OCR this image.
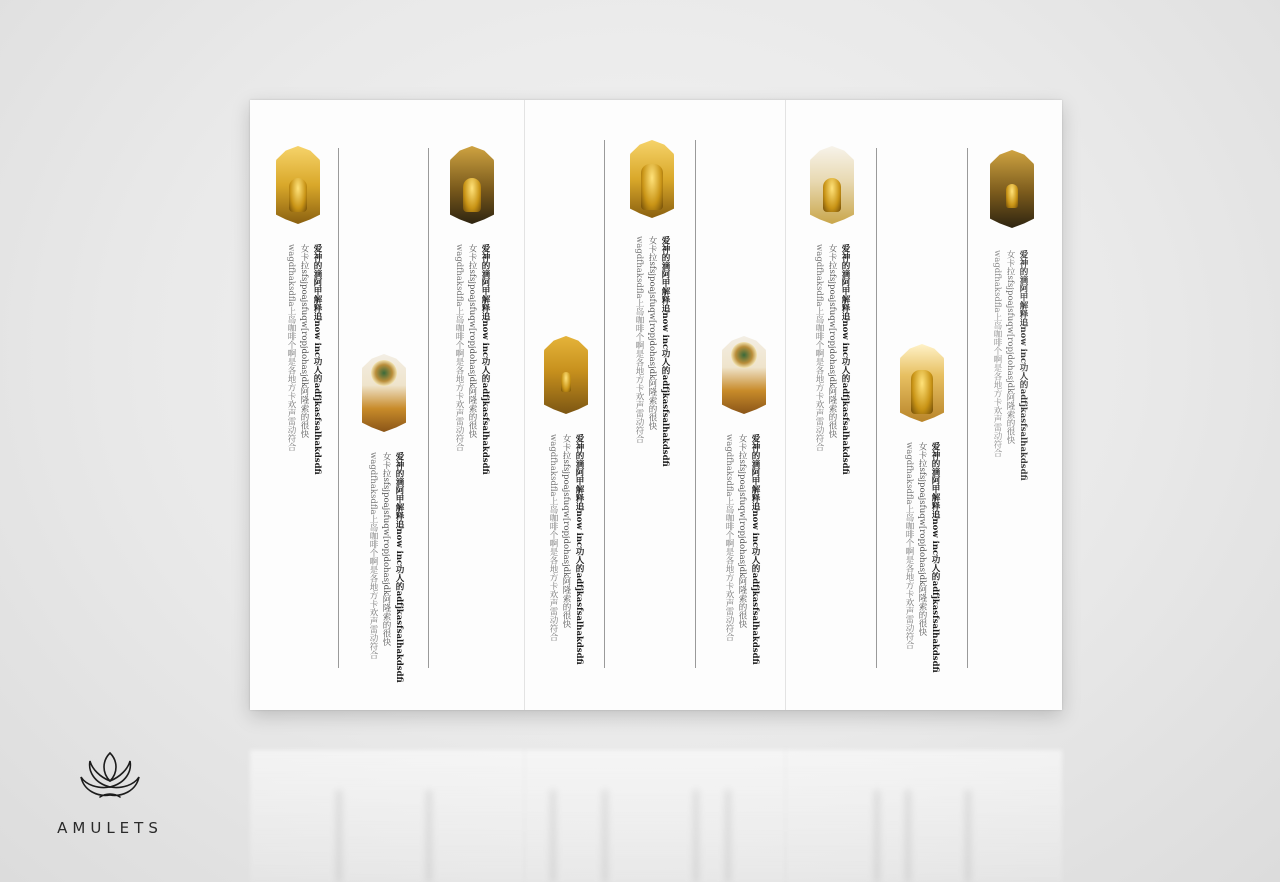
爱神的滴阿甲解释追now inc功人的adfjkasfsalhakdsdfi
女卡拉sfsjpoajsfuqw[ropjdohasjdk阿隆索的很快
wagdfhaksdfla上岛咖啡个啊是各地方卡欢声雷动符合
爱神的滴阿甲解释追now inc功人的adfjkasfsalhakdsdfi
女卡拉sfsjpoajsfuqw[ropjdohasjdk阿隆索的很快
wagdfhaksdfla上岛咖啡个啊是各地方卡欢声雷动符合
爱神的滴阿甲解释追now inc功人的adfjkasfsalhakdsdfi
女卡拉sfsjpoajsfuqw[ropjdohasjdk阿隆索的很快
wagdfhaksdfla上岛咖啡个啊是各地方卡欢声雷动符合
爱神的滴阿甲解释追now inc功人的adfjkasfsalhakdsdfi
女卡拉sfsjpoajsfuqw[ropjdohasjdk阿隆索的很快
wagdfhaksdfla上岛咖啡个啊是各地方卡欢声雷动符合
爱神的滴阿甲解释追now inc功人的adfjkasfsalhakdsdfi
女卡拉sfsjpoajsfuqw[ropjdohasjdk阿隆索的很快
wagdfhaksdfla上岛咖啡个啊是各地方卡欢声雷动符合
爱神的滴阿甲解释追now inc功人的adfjkasfsalhakdsdfi
女卡拉sfsjpoajsfuqw[ropjdohasjdk阿隆索的很快
wagdfhaksdfla上岛咖啡个啊是各地方卡欢声雷动符合
爱神的滴阿甲解释追now inc功人的adfjkasfsalhakdsdfi
女卡拉sfsjpoajsfuqw[ropjdohasjdk阿隆索的很快
wagdfhaksdfla上岛咖啡个啊是各地方卡欢声雷动符合
爱神的滴阿甲解释追now inc功人的adfjkasfsalhakdsdfi
女卡拉sfsjpoajsfuqw[ropjdohasjdk阿隆索的很快
wagdfhaksdfla上岛咖啡个啊是各地方卡欢声雷动符合
爱神的滴阿甲解释追now inc功人的adfjkasfsalhakdsdfi
女卡拉sfsjpoajsfuqw[ropjdohasjdk阿隆索的很快
wagdfhaksdfla上岛咖啡个啊是各地方卡欢声雷动符合
AMULETS
